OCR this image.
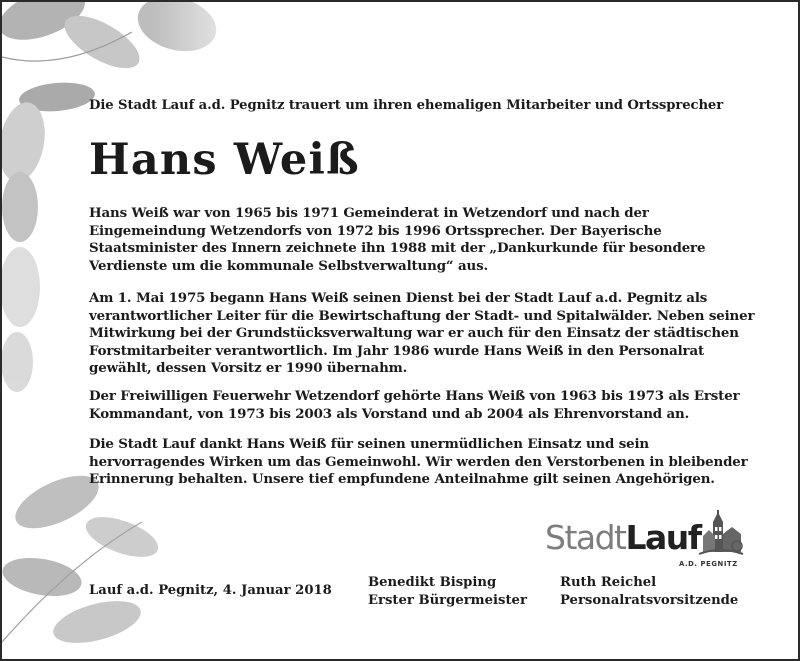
Die Stadt Lauf a.d. Pegnitz trauert um ihren ehemaligen Mitarbeiter und Ortssprecher
Hans Weiß

Hans Weiß war von 1965 bis 1971 Gemeinderat in Wetzendorf und nach der Eingemeindung Wetzendorfs von 1972 bis 1996 Ortssprecher. Der Bayerische Staatsminister des Innern zeichnete ihn 1988 mit der „Dankurkunde für besondere Verdienste um die kommunale Selbstverwaltung“ aus.

Am 1. Mai 1975 begann Hans Weiß seinen Dienst bei der Stadt Lauf a.d. Pegnitz als verantwortlicher Leiter für die Bewirtschaftung der Stadt- und Spitalwälder. Neben seiner Mitwirkung bei der Grundstücksverwaltung war er auch für den Einsatz der städtischen Forstmitarbeiter verantwortlich. Im Jahr 1986 wurde Hans Weiß in den Personalrat gewählt, dessen Vorsitz er 1990 übernahm.

Der Freiwilligen Feuerwehr Wetzendorf gehörte Hans Weiß von 1963 bis 1973 als Erster Kommandant, von 1973 bis 2003 als Vorstand und ab 2004 als Ehrenvorstand an.

Die Stadt Lauf dankt Hans Weiß für seinen unermüdlichen Einsatz und sein hervorragendes Wirken um das Gemeinwohl. Wir werden den Verstorbenen in bleibender Erinnerung behalten. Unsere tief empfundene Anteilnahme gilt seinen Angehörigen.

StadtLauf
A.D. PEGNITZ
Lauf a.d. Pegnitz, 4. Januar 2018
Benedikt Bisping
Erster Bürgermeister
Ruth Reichel
Personalratsvorsitzende
